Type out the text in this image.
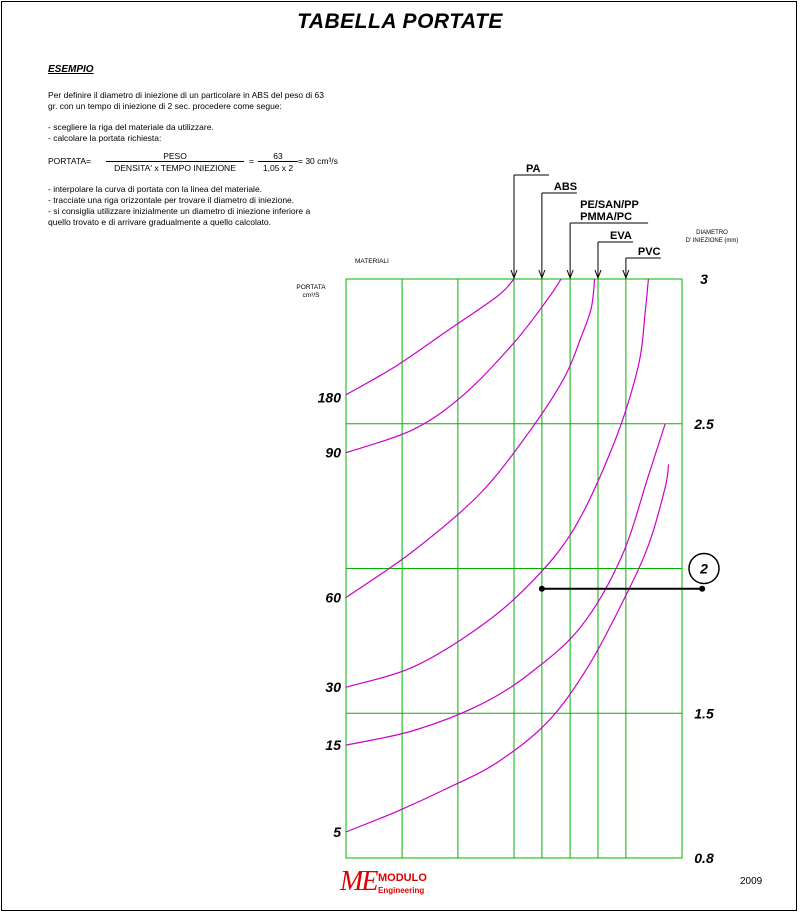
TABELLA PORTATE
ESEMPIO
Per definire il diametro di iniezione di un particolare in ABS del peso di 63
gr. con un tempo di iniezione di 2 sec. procedere come segue:
- scegliere la riga del materiale da utilizzare.
- calcolare la portata richiesta:
PORTATA=	PESO
DENSITA' x TEMPO INIEZIONE
= $\frac{63}{1,05 x 2} = 30$ cm³/s
- interpolare la curva di portata con la linea del materiale.
- tracciate una riga orizzontale per trovare il diametro di iniezione.
- si consiglia utilizzare inizialmente un diametro di iniezione inferiore a
quello trovato e di arrivare gradualmente a quello calcolato.
180
90
60
30
15
5
3
2.5
2
1.5
0.8
PORTATA
cm³/S
DIAMETRO
D' INIEZIONE (mm)
MATERIALI
PA
ABS
PE/SAN/PP
PMMA/PC
EVA
PVC
ME MODULO
Engineering
2009
